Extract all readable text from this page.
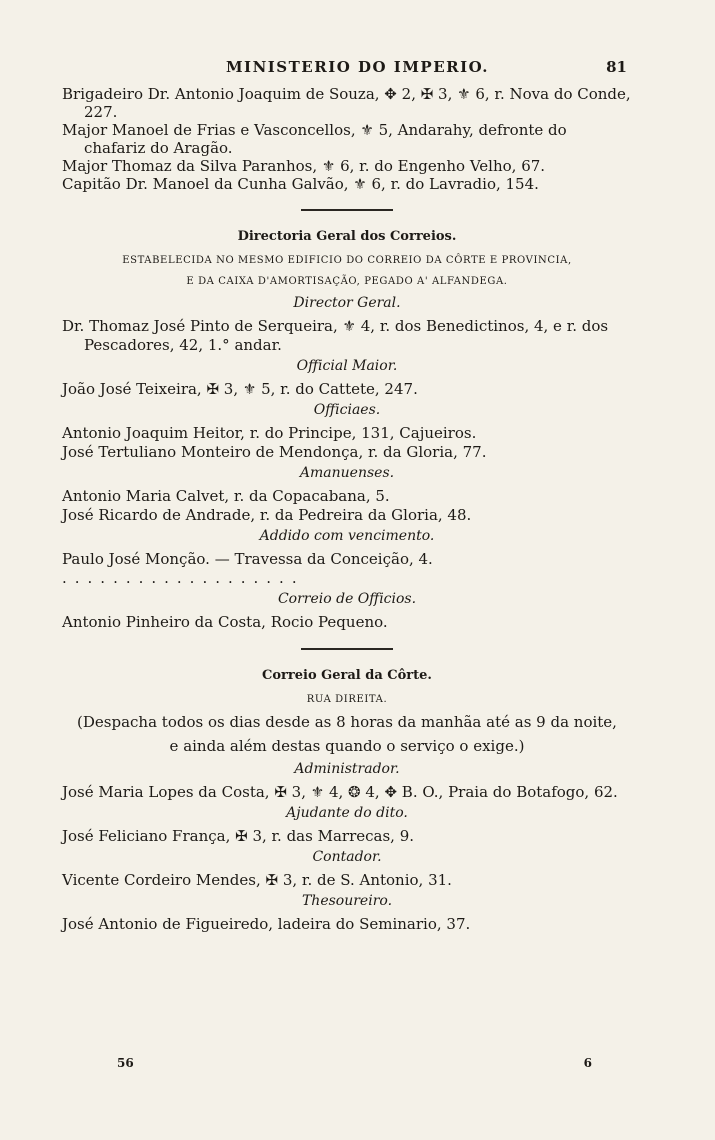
MINISTERIO DO IMPERIO.	81

Brigadeiro Dr. Antonio Joaquim de Souza, ✥ 2, ✠ 3, ⚜ 6, r. Nova do Conde, 227.

Major Manoel de Frias e Vasconcellos, ⚜ 5, Andarahy, defronte do chafariz do Aragão.

Major Thomaz da Silva Paranhos, ⚜ 6, r. do Engenho Velho, 67.

Capitão Dr. Manoel da Cunha Galvão, ⚜ 6, r. do Lavradio, 154.

Directoria Geral dos Correios.

ESTABELECIDA NO MESMO EDIFICIO DO CORREIO DA CÔRTE E PROVINCIA,

E DA CAIXA D'AMORTISAÇÃO, PEGADO A' ALFANDEGA.

Director Geral.

Dr. Thomaz José Pinto de Serqueira, ⚜ 4, r. dos Benedictinos, 4, e r. dos Pescadores, 42, 1.° andar.

Official Maior.

João José Teixeira, ✠ 3, ⚜ 5, r. do Cattete, 247.

Officiaes.

Antonio Joaquim Heitor, r. do Principe, 131, Cajueiros.

José Tertuliano Monteiro de Mendonça, r. da Gloria, 77.

Amanuenses.

Antonio Maria Calvet, r. da Copacabana, 5.

José Ricardo de Andrade, r. da Pedreira da Gloria, 48.

Addido com vencimento.

Paulo José Monção. — Travessa da Conceição, 4.

...................

Correio de Officios.

Antonio Pinheiro da Costa, Rocio Pequeno.

Correio Geral da Côrte.

RUA DIREITA.

(Despacha todos os dias desde as 8 horas da manhãa até as 9 da noite,

e ainda além destas quando o serviço o exige.)

Administrador.

José Maria Lopes da Costa, ✠ 3, ⚜ 4, ❂ 4, ✥ B. O., Praia do Botafogo, 62.

Ajudante do dito.

José Feliciano França, ✠ 3, r. das Marrecas, 9.

Contador.

Vicente Cordeiro Mendes, ✠ 3, r. de S. Antonio, 31.

Thesoureiro.

José Antonio de Figueiredo, ladeira do Seminario, 37.

56	6
